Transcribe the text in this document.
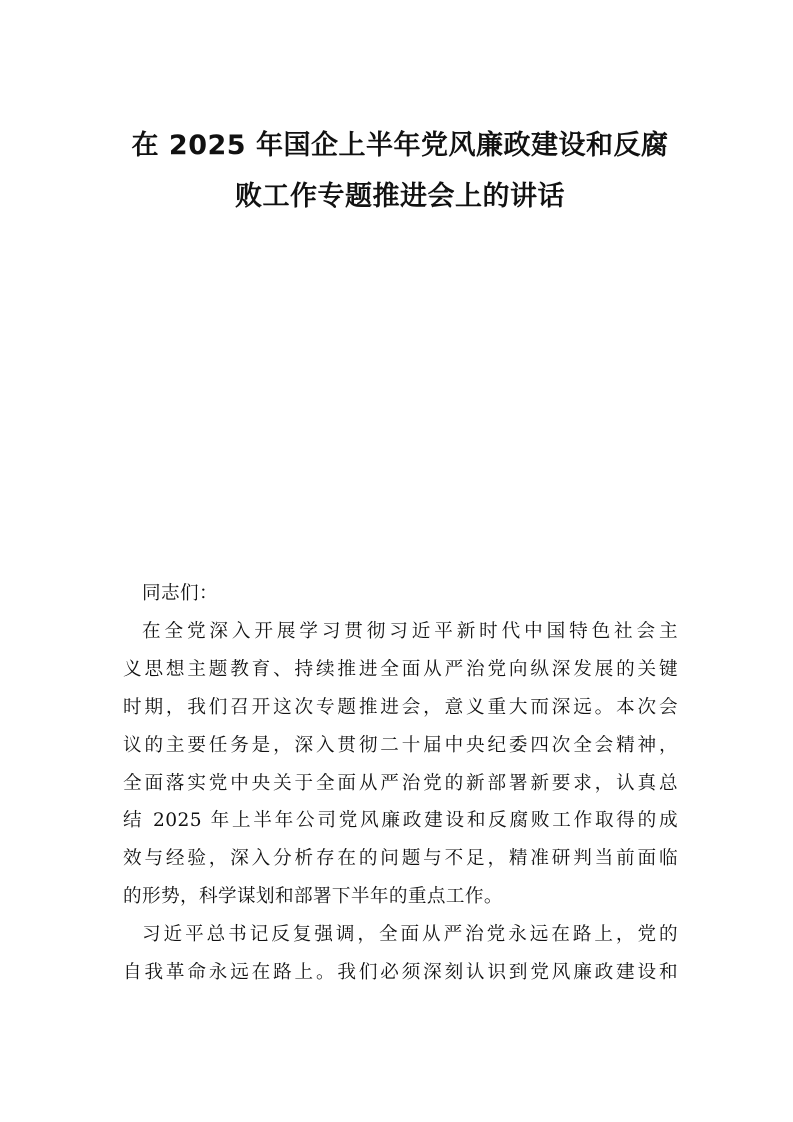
在 2025 年国企上半年党风廉政建设和反腐
败工作专题推进会上的讲话
同志们：
在全党深入开展学习贯彻习近平新时代中国特色社会主
义思想主题教育、持续推进全面从严治党向纵深发展的关键
时期，我们召开这次专题推进会，意义重大而深远。本次会
议的主要任务是，深入贯彻二十届中央纪委四次全会精神，
全面落实党中央关于全面从严治党的新部署新要求，认真总
结 2025 年上半年公司党风廉政建设和反腐败工作取得的成
效与经验，深入分析存在的问题与不足，精准研判当前面临
的形势，科学谋划和部署下半年的重点工作。
习近平总书记反复强调，全面从严治党永远在路上，党的
自我革命永远在路上。我们必须深刻认识到党风廉政建设和
